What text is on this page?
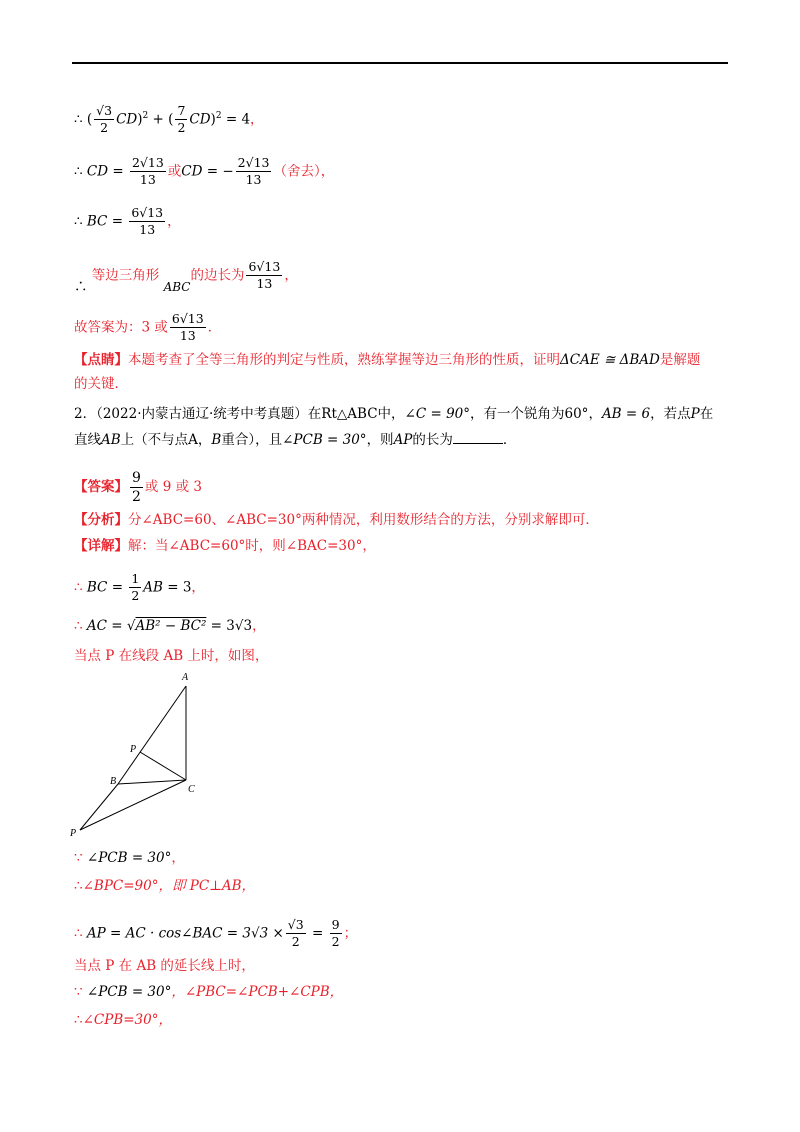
∴ ( $\frac{√3}{2} CD)^2$ + ( $\frac{7}{2} CD)^2 = 4$，
∴ CD = $\frac{2√13}{13}$ 或CD = − $\frac{2√13}{13}$ （舍去），
∴ BC = $\frac{6√13}{13}$ ，
∴ 等边三角形 ABC的边长为 $\frac{6√13}{13}$ ，
故答案为：3 或 $\frac{6√13}{13}$ ．
【点睛】本题考查了全等三角形的判定与性质，熟练掌握等边三角形的性质，证明ΔCAE ≅ ΔBAD是解题
的关键．
2．（2022·内蒙古通辽·统考中考真题）在Rt△ABC中，∠C = 90°，有一个锐角为60°，AB = 6，若点P在
直线AB上（不与点A，B重合），且∠PCB = 30°，则AP的长为	．
【答案】 $\frac{9}{2}$ 或 9 或 3
【分析】分∠ABC=60、∠ABC=30°两种情况，利用数形结合的方法，分别求解即可．
【详解】解：当∠ABC=60°时，则∠BAC=30°，
∴ BC = $\frac{1}{2}$ AB = 3，
∴ AC = √AB² − BC² = 3√3，
当点 P 在线段 AB 上时，如图，
A
P
B
C
P
∵ ∠PCB = 30°，
∴∠BPC=90°，即 PC⊥AB，
∴ AP = AC · cos∠BAC = $3√3 \times \frac{√3}{2} = \frac{9}{2}$ ；
当点 P 在 AB 的延长线上时，
∵ ∠PCB = 30°，∠PBC=∠PCB+∠CPB，
∴∠CPB=30°，
